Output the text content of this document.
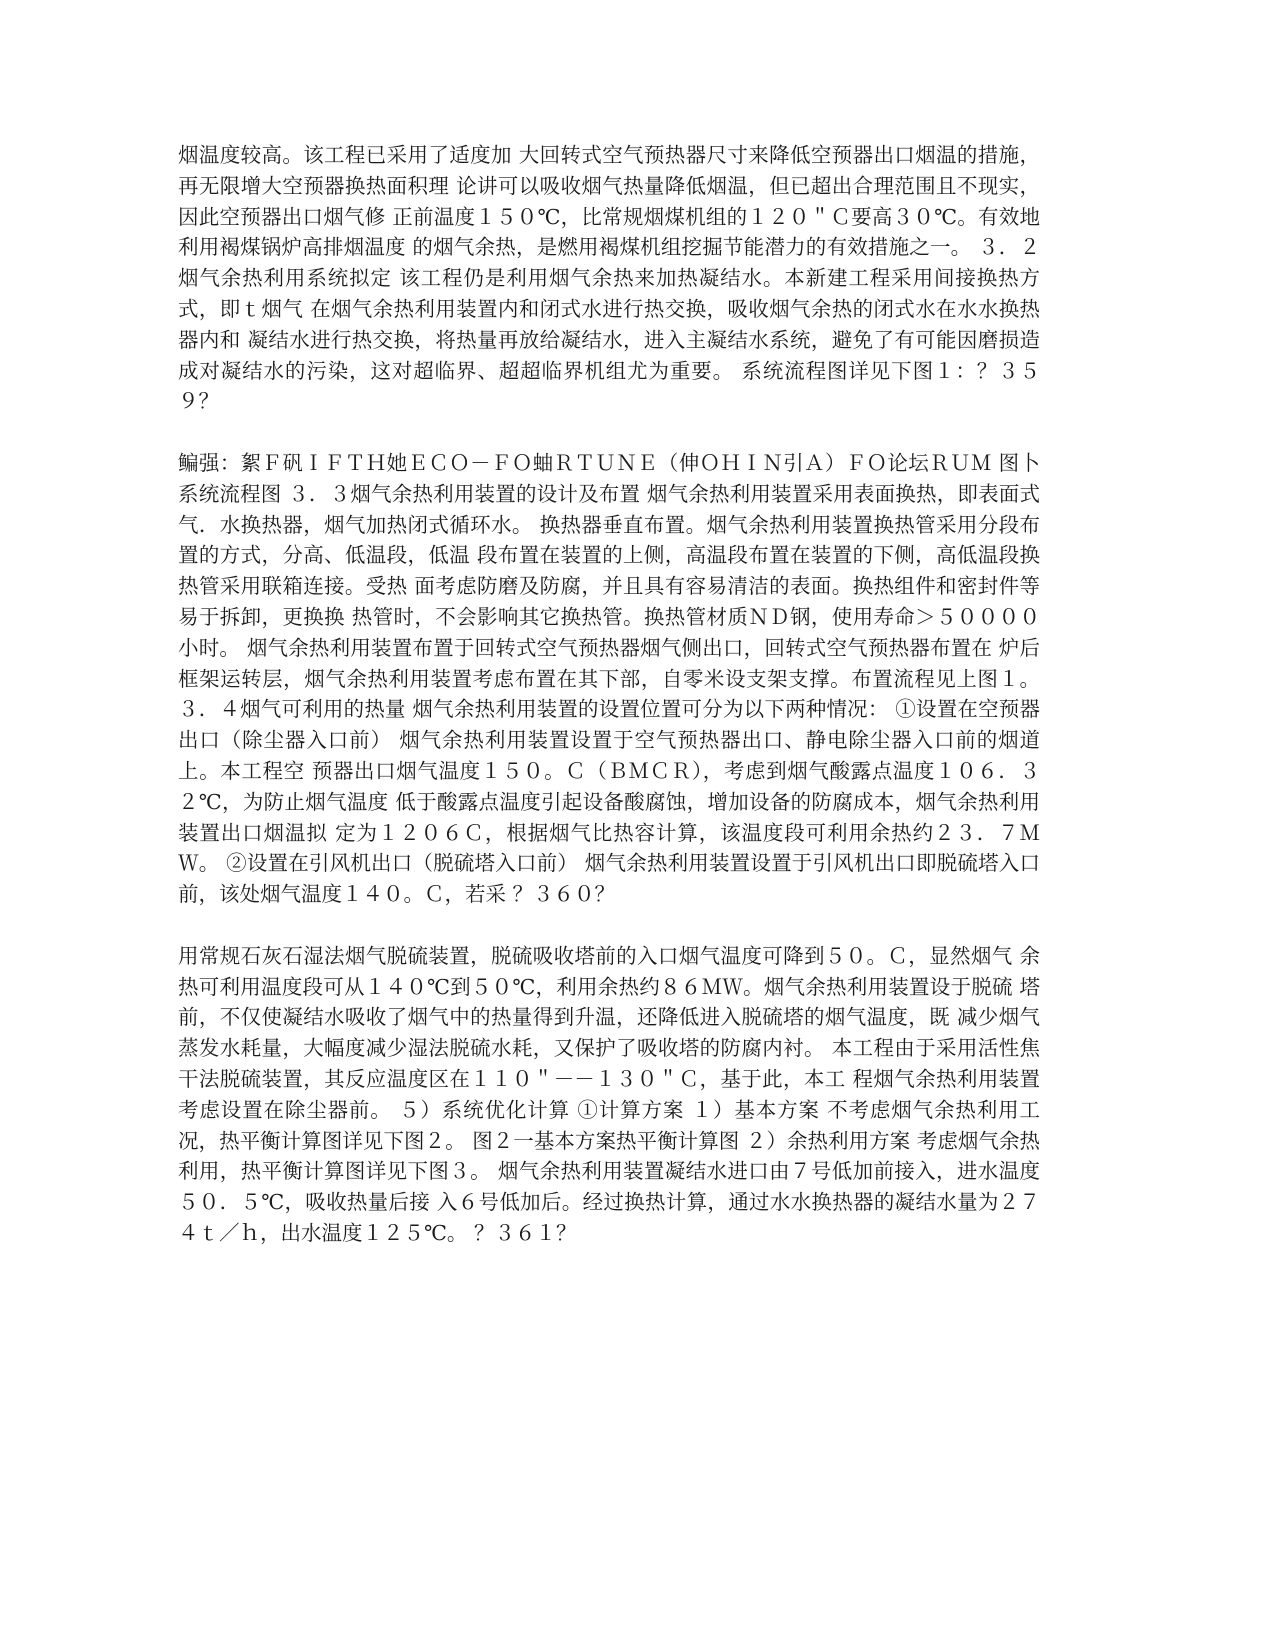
烟温度较高。该工程已采用了适度加 大回转式空气预热器尺寸来降低空预器出口烟温的措施，再无限增大空预器换热面积理 论讲可以吸收烟气热量降低烟温，但已超出合理范围且不现实，因此空预器出口烟气修 正前温度１５０℃，比常规烟煤机组的１２０＂Ｃ要高３０℃。有效地利用褐煤锅炉高排烟温度 的烟气余热，是燃用褐煤机组挖掘节能潜力的有效措施之一。 ３．２烟气余热利用系统拟定 该工程仍是利用烟气余热来加热凝结水。本新建工程采用间接换热方式，即ｔ烟气 在烟气余热利用装置内和闭式水进行热交换，吸收烟气余热的闭式水在水水换热器内和 凝结水进行热交换，将热量再放给凝结水，进入主凝结水系统，避免了有可能因磨损造 成对凝结水的污染，这对超临界、超超临界机组尤为重要。 系统流程图详见下图１：？３５９？

鳊强：絮Ｆ矾ＩＦＴＨ她ＥＣＯ－ＦＯ蚰ＲＴＵＮＥ（伸ＯＨＩＮ引Ａ）ＦＯ论坛ＲＵＭ 图卜系统流程图 ３．３烟气余热利用装置的设计及布置 烟气余热利用装置采用表面换热，即表面式气．水换热器，烟气加热闭式循环水。 换热器垂直布置。烟气余热利用装置换热管采用分段布置的方式，分高、低温段，低温 段布置在装置的上侧，高温段布置在装置的下侧，高低温段换热管采用联箱连接。受热 面考虑防磨及防腐，并且具有容易清洁的表面。换热组件和密封件等易于拆卸，更换换 热管时，不会影响其它换热管。换热管材质ＮＤ钢，使用寿命＞５００００小时。 烟气余热利用装置布置于回转式空气预热器烟气侧出口，回转式空气预热器布置在 炉后框架运转层，烟气余热利用装置考虑布置在其下部，自零米设支架支撑。布置流程见上图１。 ３．４烟气可利用的热量 烟气余热利用装置的设置位置可分为以下两种情况： ①设置在空预器出口（除尘器入口前） 烟气余热利用装置设置于空气预热器出口、静电除尘器入口前的烟道上。本工程空 预器出口烟气温度１５０。Ｃ（ＢＭＣＲ），考虑到烟气酸露点温度１０６．３２℃，为防止烟气温度 低于酸露点温度引起设备酸腐蚀，增加设备的防腐成本，烟气余热利用装置出口烟温拟 定为１２０６Ｃ，根据烟气比热容计算，该温度段可利用余热约２３．７ＭＷ。 ②设置在引风机出口（脱硫塔入口前） 烟气余热利用装置设置于引风机出口即脱硫塔入口前，该处烟气温度１４０。Ｃ，若采 ？３６０？

用常规石灰石湿法烟气脱硫装置，脱硫吸收塔前的入口烟气温度可降到５０。Ｃ，显然烟气 余热可利用温度段可从１４０℃到５０℃，利用余热约８６ＭＷ。烟气余热利用装置设于脱硫 塔前，不仅使凝结水吸收了烟气中的热量得到升温，还降低进入脱硫塔的烟气温度，既 减少烟气蒸发水耗量，大幅度减少湿法脱硫水耗，又保护了吸收塔的防腐内衬。 本工程由于采用活性焦干法脱硫装置，其反应温度区在１１０＂－－１３０＂Ｃ，基于此，本工 程烟气余热利用装置考虑设置在除尘器前。 ５）系统优化计算 ①计算方案 １）基本方案 不考虑烟气余热利用工况，热平衡计算图详见下图２。 图２一基本方案热平衡计算图 ２）余热利用方案 考虑烟气余热利用，热平衡计算图详见下图３。 烟气余热利用装置凝结水进口由７号低加前接入，进水温度５０．５℃，吸收热量后接 入６号低加后。经过换热计算，通过水水换热器的凝结水量为２７４ｔ／ｈ，出水温度１２５℃。 ？３６１？
